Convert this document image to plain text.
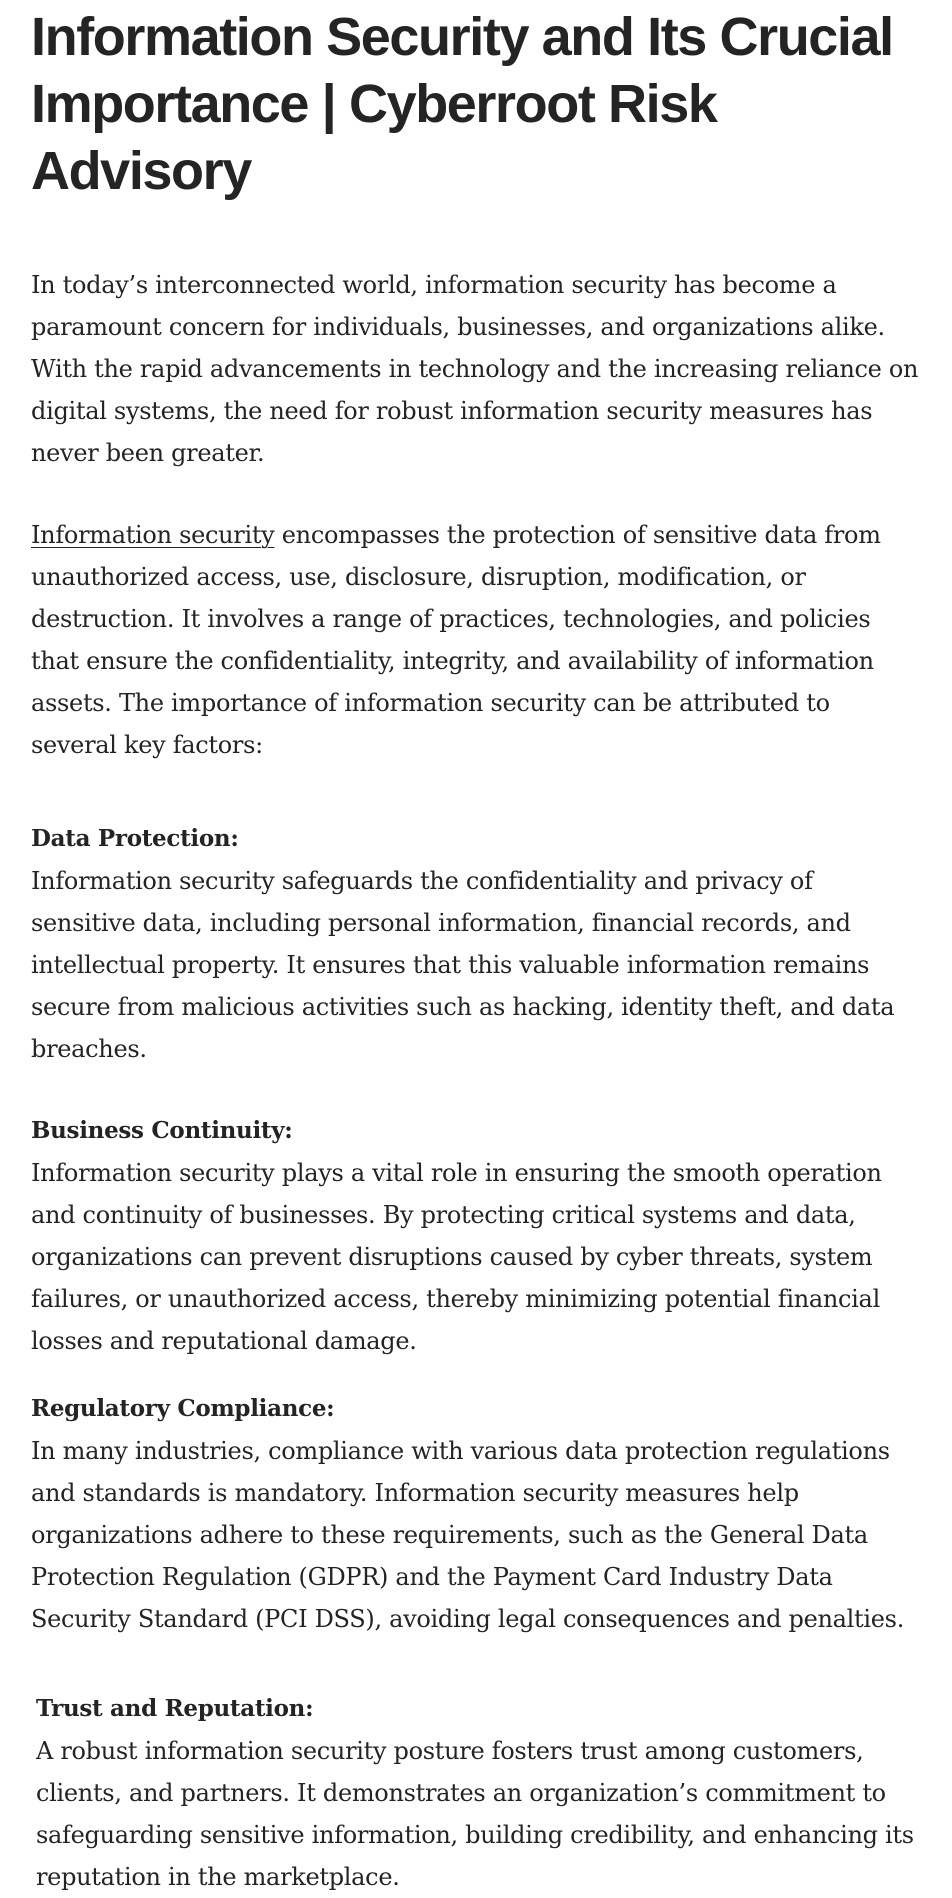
Information Security and Its Crucial Importance | Cyberroot Risk Advisory

In today’s interconnected world, information security has become a paramount concern for individuals, businesses, and organizations alike. With the rapid advancements in technology and the increasing reliance on digital systems, the need for robust information security measures has never been greater.

Information security encompasses the protection of sensitive data from unauthorized access, use, disclosure, disruption, modification, or destruction. It involves a range of practices, technologies, and policies that ensure the confidentiality, integrity, and availability of information assets. The importance of information security can be attributed to several key factors:

Data Protection:

Information security safeguards the confidentiality and privacy of sensitive data, including personal information, financial records, and intellectual property. It ensures that this valuable information remains secure from malicious activities such as hacking, identity theft, and data breaches.

Business Continuity:

Information security plays a vital role in ensuring the smooth operation and continuity of businesses. By protecting critical systems and data, organizations can prevent disruptions caused by cyber threats, system failures, or unauthorized access, thereby minimizing potential financial losses and reputational damage.

Regulatory Compliance:

In many industries, compliance with various data protection regulations and standards is mandatory. Information security measures help organizations adhere to these requirements, such as the General Data Protection Regulation (GDPR) and the Payment Card Industry Data Security Standard (PCI DSS), avoiding legal consequences and penalties.

Trust and Reputation:

A robust information security posture fosters trust among customers, clients, and partners. It demonstrates an organization’s commitment to safeguarding sensitive information, building credibility, and enhancing its reputation in the marketplace.
